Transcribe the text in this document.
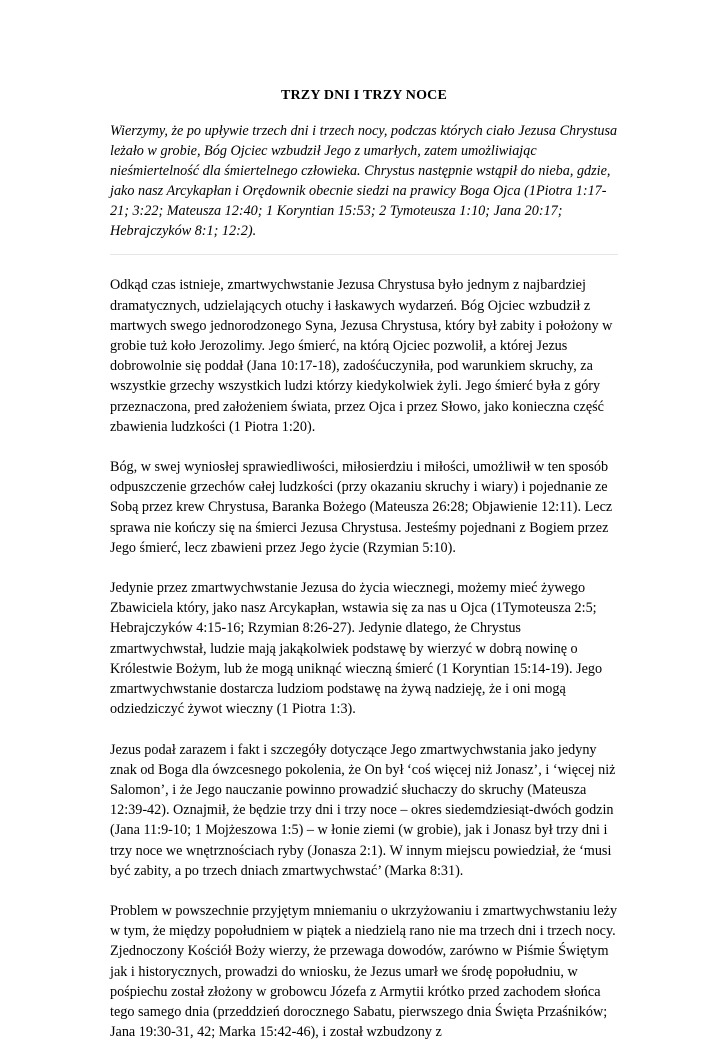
TRZY DNI I TRZY NOCE

Wierzymy, że po upływie trzech dni i trzech nocy, podczas których ciało Jezusa Chrystusa leżało w grobie, Bóg Ojciec wzbudził Jego z umarłych, zatem umożliwiając nieśmiertelność dla śmiertelnego człowieka. Chrystus następnie wstąpił do nieba, gdzie, jako nasz Arcykapłan i Orędownik obecnie siedzi na prawicy Boga Ojca (1Piotra 1:17-21; 3:22; Mateusza 12:40; 1 Koryntian 15:53; 2 Tymoteusza 1:10; Jana 20:17; Hebrajczyków 8:1; 12:2).

Odkąd czas istnieje, zmartwychwstanie Jezusa Chrystusa było jednym z najbardziej dramatycznych, udzielających otuchy i łaskawych wydarzeń. Bóg Ojciec wzbudził z martwych swego jednorodzonego Syna, Jezusa Chrystusa, który był zabity i położony w grobie tuż koło Jerozolimy. Jego śmierć, na którą Ojciec pozwolił, a której Jezus dobrowolnie się poddał (Jana 10:17-18), zadośćuczyniła, pod warunkiem skruchy, za wszystkie grzechy wszystkich ludzi którzy kiedykolwiek żyli. Jego śmierć była z góry przeznaczona, pred założeniem świata, przez Ojca i przez Słowo, jako konieczna część zbawienia ludzkości (1 Piotra 1:20).

Bóg, w swej wyniosłej sprawiedliwości, miłosierdziu i miłości, umożliwił w ten sposób odpuszczenie grzechów całej ludzkości (przy okazaniu skruchy i wiary) i pojednanie ze Sobą przez krew Chrystusa, Baranka Bożego (Mateusza 26:28; Objawienie 12:11). Lecz sprawa nie kończy się na śmierci Jezusa Chrystusa. Jesteśmy pojednani z Bogiem przez Jego śmierć, lecz zbawieni przez Jego życie (Rzymian 5:10).

Jedynie przez zmartwychwstanie Jezusa do życia wiecznegi, możemy mieć żywego Zbawiciela który, jako nasz Arcykapłan, wstawia się za nas u Ojca (1Tymoteusza 2:5; Hebrajczyków 4:15-16; Rzymian 8:26-27). Jedynie dlatego, że Chrystus zmartwychwstał, ludzie mają jakąkolwiek podstawę by wierzyć w dobrą nowinę o Królestwie Bożym, lub że mogą uniknąć wieczną śmierć (1 Koryntian 15:14-19). Jego zmartwychwstanie dostarcza ludziom podstawę na żywą nadzieję, że i oni mogą odziedziczyć żywot wieczny (1 Piotra 1:3).

Jezus podał zarazem i fakt i szczegóły dotyczące Jego zmartwychwstania jako jedyny znak od Boga dla ówzcesnego pokolenia, że On był ‘coś więcej niż Jonasz’, i ‘więcej niż Salomon’, i że Jego nauczanie powinno prowadzić słuchaczy do skruchy (Mateusza 12:39-42). Oznajmił, że będzie trzy dni i trzy noce – okres siedemdziesiąt-dwóch godzin (Jana 11:9-10; 1 Mojżeszowa 1:5) – w łonie ziemi (w grobie), jak i Jonasz był trzy dni i trzy noce we wnętrznościach ryby (Jonasza 2:1). W innym miejscu powiedział, że ‘musi być zabity, a po trzech dniach zmartwychwstać’ (Marka 8:31).

Problem w powszechnie przyjętym mniemaniu o ukrzyżowaniu i zmartwychwstaniu leży w tym, że między popołudniem w piątek a niedzielą rano nie ma trzech dni i trzech nocy. Zjednoczony Kościół Boży wierzy, że przewaga dowodów, zarówno w Piśmie Świętym jak i historycznych, prowadzi do wniosku, że Jezus umarł we środę popołudniu, w pośpiechu został złożony w grobowcu Józefa z Armytii krótko przed zachodem słońca tego samego dnia (przeddzień dorocznego Sabatu, pierwszego dnia Święta Przaśników; Jana 19:30-31, 42; Marka 15:42-46), i został wzbudzony z
